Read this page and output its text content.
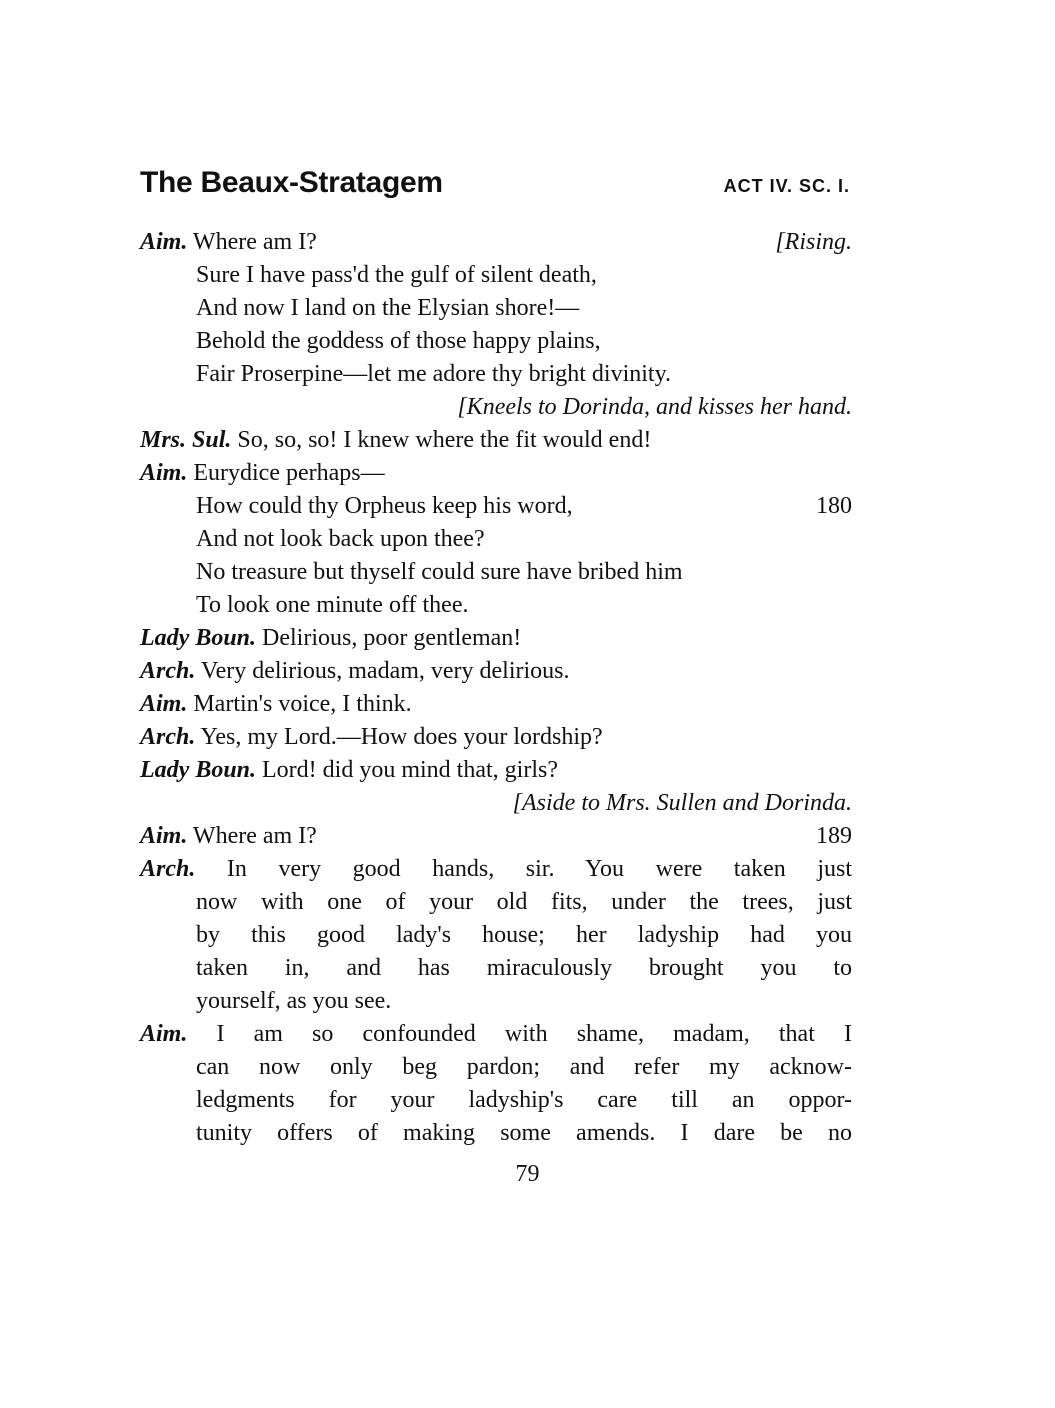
The Beaux-Stratagem	ACT IV. SC. I.
Aim. Where am I?	[Rising.
Sure I have pass'd the gulf of silent death,
And now I land on the Elysian shore!—
Behold the goddess of those happy plains,
Fair Proserpine—let me adore thy bright divinity.
[Kneels to Dorinda, and kisses her hand.
Mrs. Sul. So, so, so! I knew where the fit would end!
Aim. Eurydice perhaps—
How could thy Orpheus keep his word,	180
And not look back upon thee?
No treasure but thyself could sure have bribed him
To look one minute off thee.
Lady Boun. Delirious, poor gentleman!
Arch. Very delirious, madam, very delirious.
Aim. Martin's voice, I think.
Arch. Yes, my Lord.—How does your lordship?
Lady Boun. Lord! did you mind that, girls?
[Aside to Mrs. Sullen and Dorinda.
Aim. Where am I?	189
Arch. In very good hands, sir. You were taken just
now with one of your old fits, under the trees, just
by this good lady's house; her ladyship had you
taken in, and has miraculously brought you to
yourself, as you see.
Aim. I am so confounded with shame, madam, that I
can now only beg pardon; and refer my acknow-
ledgments for your ladyship's care till an oppor-
tunity offers of making some amends. I dare be no
79
